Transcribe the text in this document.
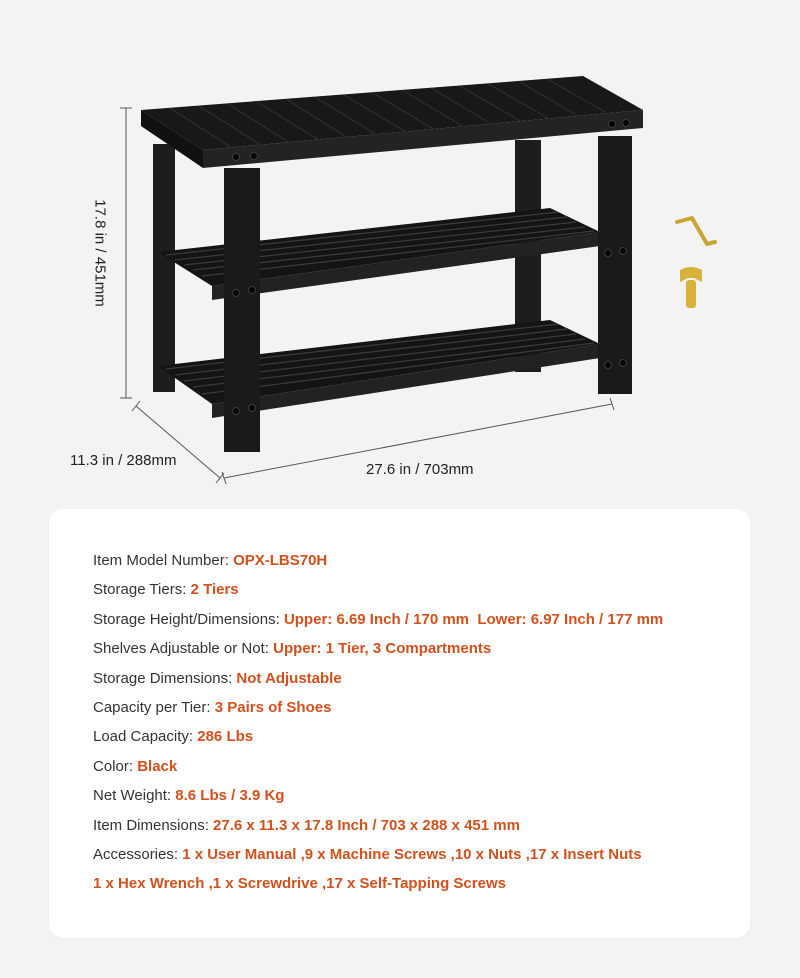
17.8 in / 451mm
11.3 in / 288mm
27.6 in / 703mm
Item Model Number: OPX-LBS70H
Storage Tiers: 2 Tiers
Storage Height/Dimensions: Upper: 6.69 Inch / 170 mm Lower: 6.97 Inch / 177 mm
Shelves Adjustable or Not: Upper: 1 Tier, 3 Compartments
Storage Dimensions: Not Adjustable
Capacity per Tier: 3 Pairs of Shoes
Load Capacity: 286 Lbs
Color: Black
Net Weight: 8.6 Lbs / 3.9 Kg
Item Dimensions: 27.6 x 11.3 x 17.8 Inch / 703 x 288 x 451 mm
Accessories: 1 x User Manual ,9 x Machine Screws ,10 x Nuts ,17 x Insert Nuts
1 x Hex Wrench ,1 x Screwdrive ,17 x Self-Tapping Screws
